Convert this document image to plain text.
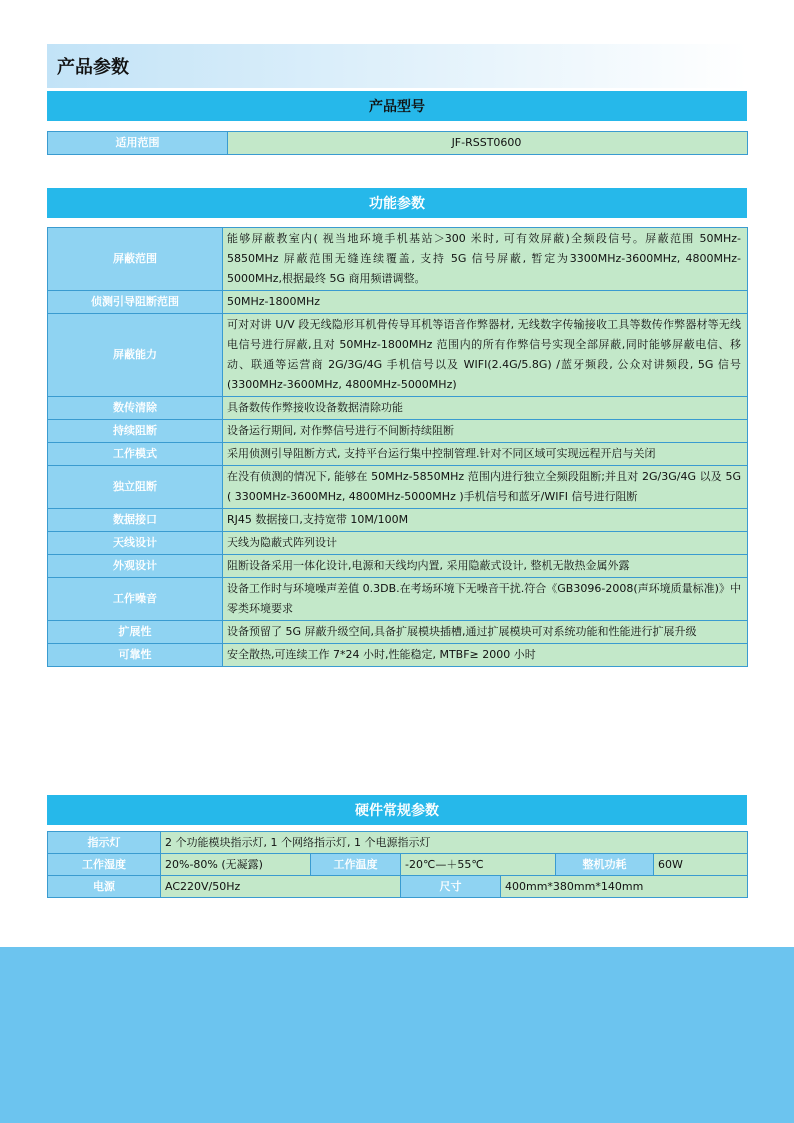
产品参数
产品型号
适用范围	JF-RSST0600
功能参数
屏蔽范围	能够屏蔽教室内( 视当地环境手机基站＞300 米时, 可有效屏蔽)全频段信号。屏蔽范围 50MHz-5850MHz 屏蔽范围无缝连续覆盖, 支持 5G 信号屏蔽, 暂定为3300MHz-3600MHz, 4800MHz-5000MHz,根据最终 5G 商用频谱调整。
侦测引导阻断范围	50MHz-1800MHz
屏蔽能力	可对对讲 U/V 段无线隐形耳机骨传导耳机等语音作弊器材, 无线数字传输接收工具等数传作弊器材等无线电信号进行屏蔽,且对 50MHz-1800MHz 范围内的所有作弊信号实现全部屏蔽,同时能够屏蔽电信、移动、联通等运营商 2G/3G/4G 手机信号以及 WIFI(2.4G/5.8G) /蓝牙频段, 公众对讲频段, 5G 信号(3300MHz-3600MHz, 4800MHz-5000MHz)
数传清除	具备数传作弊接收设备数据清除功能
持续阻断	设备运行期间, 对作弊信号进行不间断持续阻断
工作模式	采用侦测引导阻断方式, 支持平台运行集中控制管理.针对不同区域可实现远程开启与关闭
独立阻断	在没有侦测的情况下, 能够在 50MHz-5850MHz 范围内进行独立全频段阻断;并且对 2G/3G/4G 以及 5G ( 3300MHz-3600MHz, 4800MHz-5000MHz )手机信号和蓝牙/WIFI 信号进行阻断
数据接口	RJ45 数据接口,支持宽带 10M/100M
天线设计	天线为隐蔽式阵列设计
外观设计	阻断设备采用一体化设计,电源和天线均内置, 采用隐蔽式设计, 整机无散热金属外露
工作噪音	设备工作时与环境噪声差值 0.3DB.在考场环境下无噪音干扰.符合《GB3096-2008(声环境质量标准)》中零类环境要求
扩展性	设备预留了 5G 屏蔽升级空间,具备扩展模块插槽,通过扩展模块可对系统功能和性能进行扩展升级
可靠性	安全散热,可连续工作 7*24 小时,性能稳定, MTBF≥ 2000 小时
硬件常规参数
指示灯	2 个功能模块指示灯, 1 个网络指示灯, 1 个电源指示灯					
工作湿度	20%-80% (无凝露)	工作温度	-20℃—＋55℃		整机功耗	60W
电源	AC220V/50Hz		尺寸	400mm*380mm*140mm		
